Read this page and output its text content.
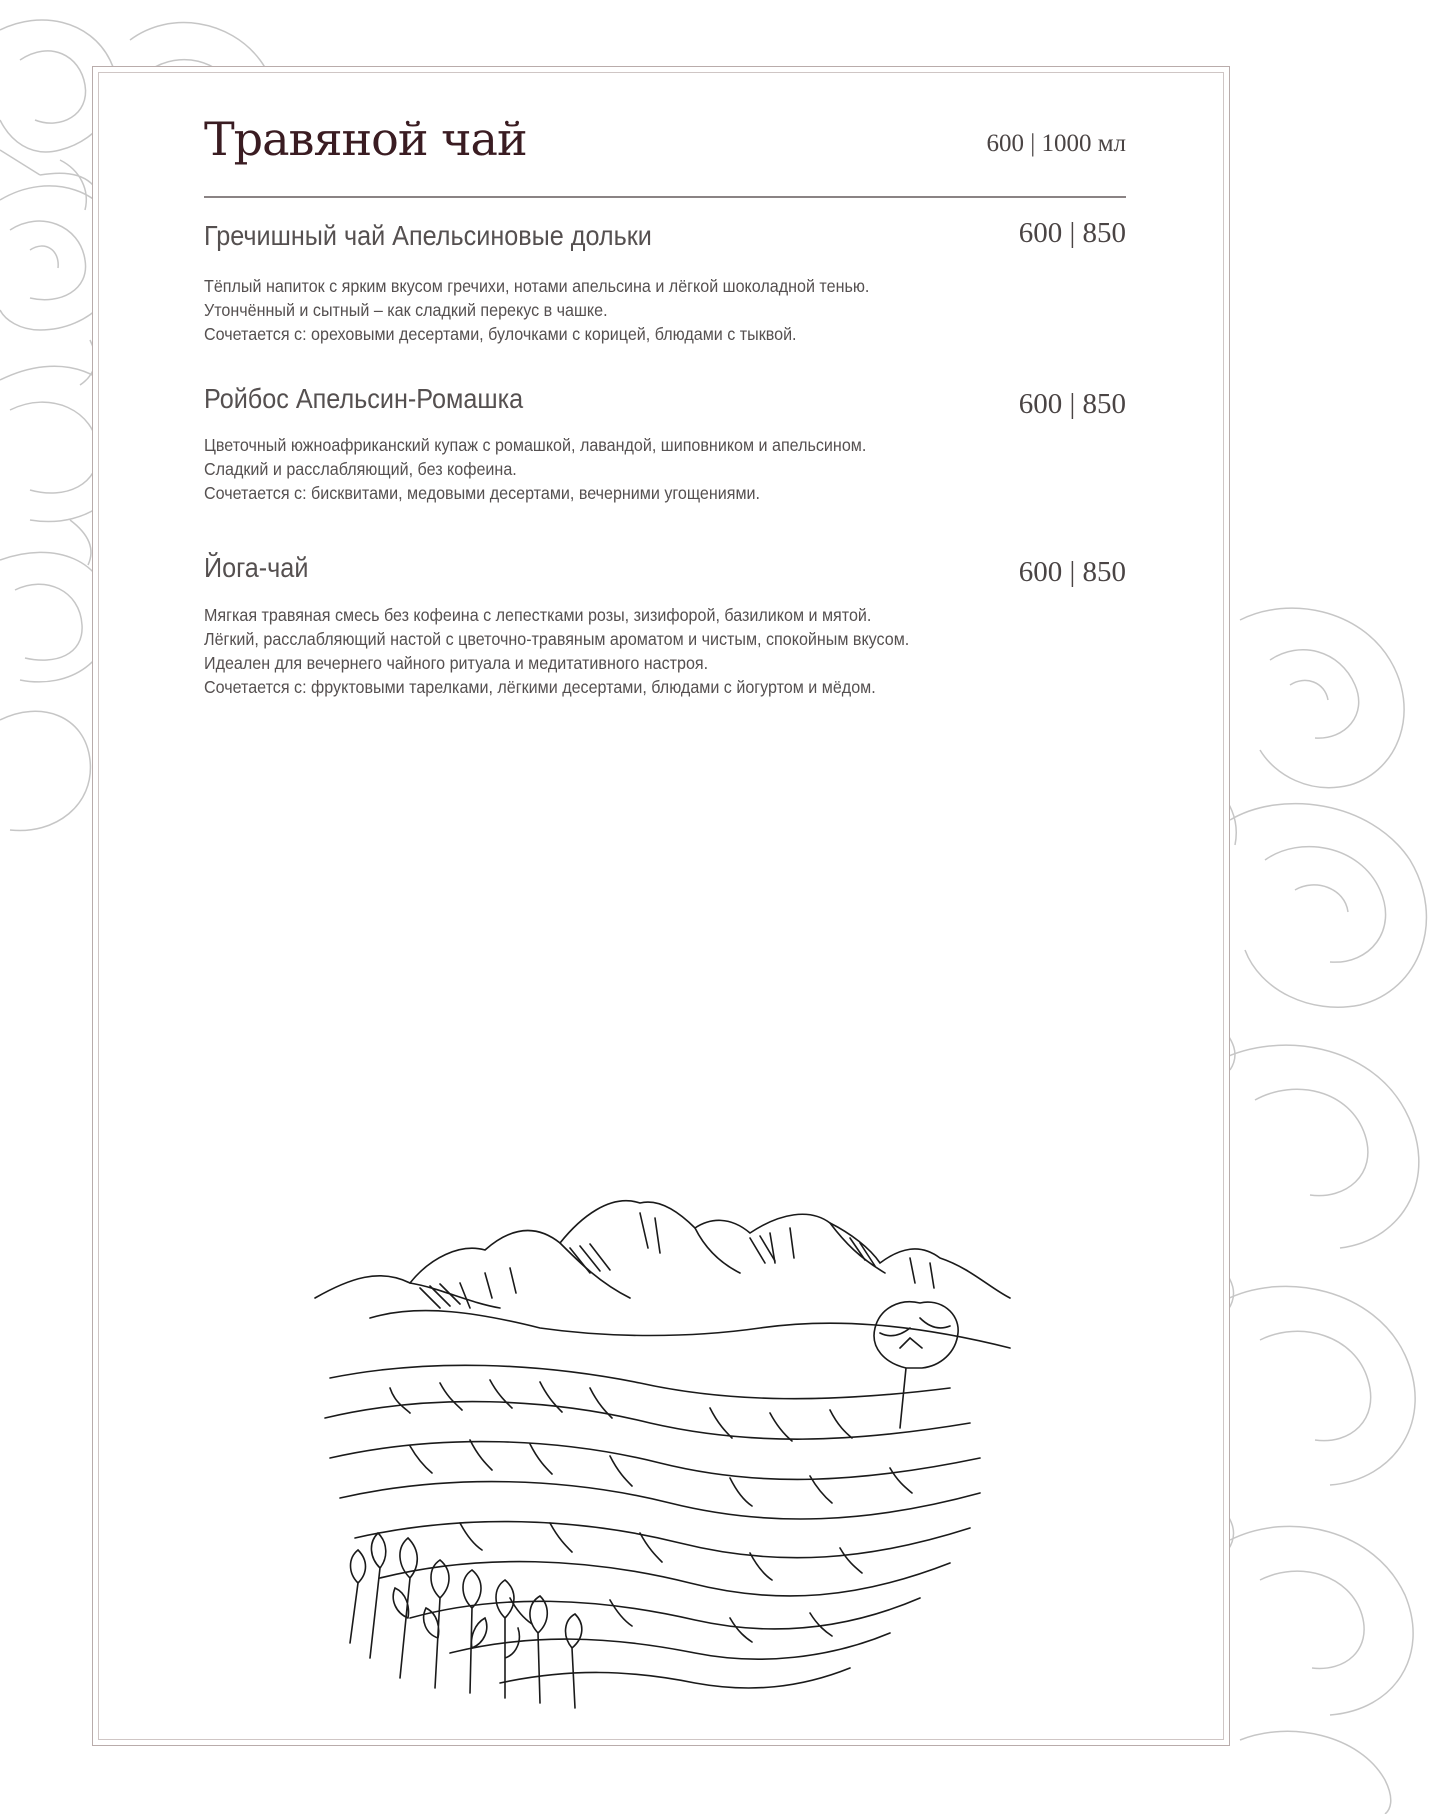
Травяной чай	600 | 1000 мл
Гречишный чай Апельсиновые дольки	600 | 850
Тёплый напиток с ярким вкусом гречихи, нотами апельсина и лёгкой шоколадной тенью.
Утончённый и сытный – как сладкий перекус в чашке.
Сочетается с: ореховыми десертами, булочками с корицей, блюдами с тыквой.
Ройбос Апельсин-Ромашка	600 | 850
Цветочный южноафриканский купаж с ромашкой, лавандой, шиповником и апельсином.
Сладкий и расслабляющий, без кофеина.
Сочетается с: бисквитами, медовыми десертами, вечерними угощениями.
Йога-чай	600 | 850
Мягкая травяная смесь без кофеина с лепестками розы, зизифорой, базиликом и мятой.
Лёгкий, расслабляющий настой с цветочно-травяным ароматом и чистым, спокойным вкусом.
Идеален для вечернего чайного ритуала и медитативного настроя.
Сочетается с: фруктовыми тарелками, лёгкими десертами, блюдами с йогуртом и мёдом.
